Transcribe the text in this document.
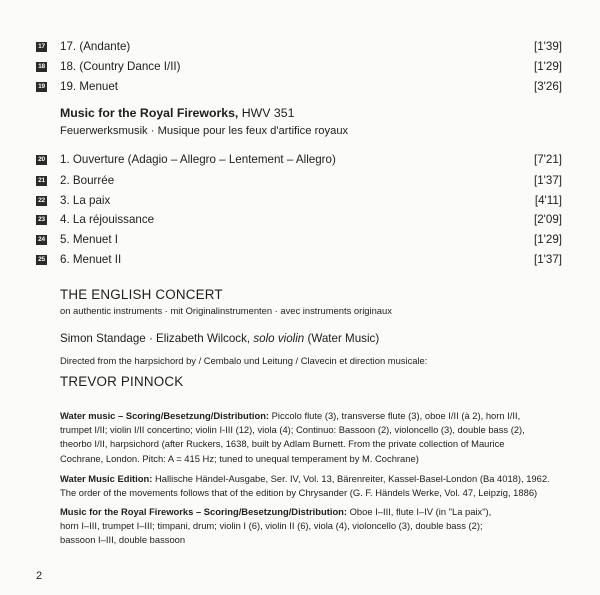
17 17. (Andante)	[1'39]
18 18. (Country Dance I/II)	[1'29]
19 19. Menuet	[3'26]
Music for the Royal Fireworks, HWV 351
Feuerwerksmusik · Musique pour les feux d'artifice royaux
20 1. Ouverture (Adagio – Allegro – Lentement – Allegro)	[7'21]
21 2. Bourrée	[1'37]
22 3. La paix	[4'11]
23 4. La réjouissance	[2'09]
24 5. Menuet I	[1'29]
25 6. Menuet II	[1'37]
THE ENGLISH CONCERT
on authentic instruments · mit Originalinstrumenten · avec instruments originaux
Simon Standage · Elizabeth Wilcock, solo violin (Water Music)
Directed from the harpsichord by / Cembalo und Leitung / Clavecin et direction musicale:
TREVOR PINNOCK
Water music – Scoring/Besetzung/Distribution: Piccolo flute (3), transverse flute (3), oboe I/II (à 2), horn I/II,
trumpet I/II; violin I/II concertino; violin I-III (12), viola (4); Continuo: Bassoon (2), violoncello (3), double bass (2),
theorbo I/II, harpsichord (after Ruckers, 1638, built by Adlam Burnett. From the private collection of Maurice
Cochrane, London. Pitch: A = 415 Hz; tuned to unequal temperament by M. Cochrane)
Water Music Edition: Hallische Händel-Ausgabe, Ser. IV, Vol. 13, Bärenreiter, Kassel-Basel-London (Ba 4018), 1962.
The order of the movements follows that of the edition by Chrysander (G. F. Händels Werke, Vol. 47, Leipzig, 1886)
Music for the Royal Fireworks – Scoring/Besetzung/Distribution: Oboe I–III, flute I–IV (in "La paix"),
horn I–III, trumpet I–III; timpani, drum; violin I (6), violin II (6), viola (4), violoncello (3), double bass (2);
bassoon I–III, double bassoon
2
